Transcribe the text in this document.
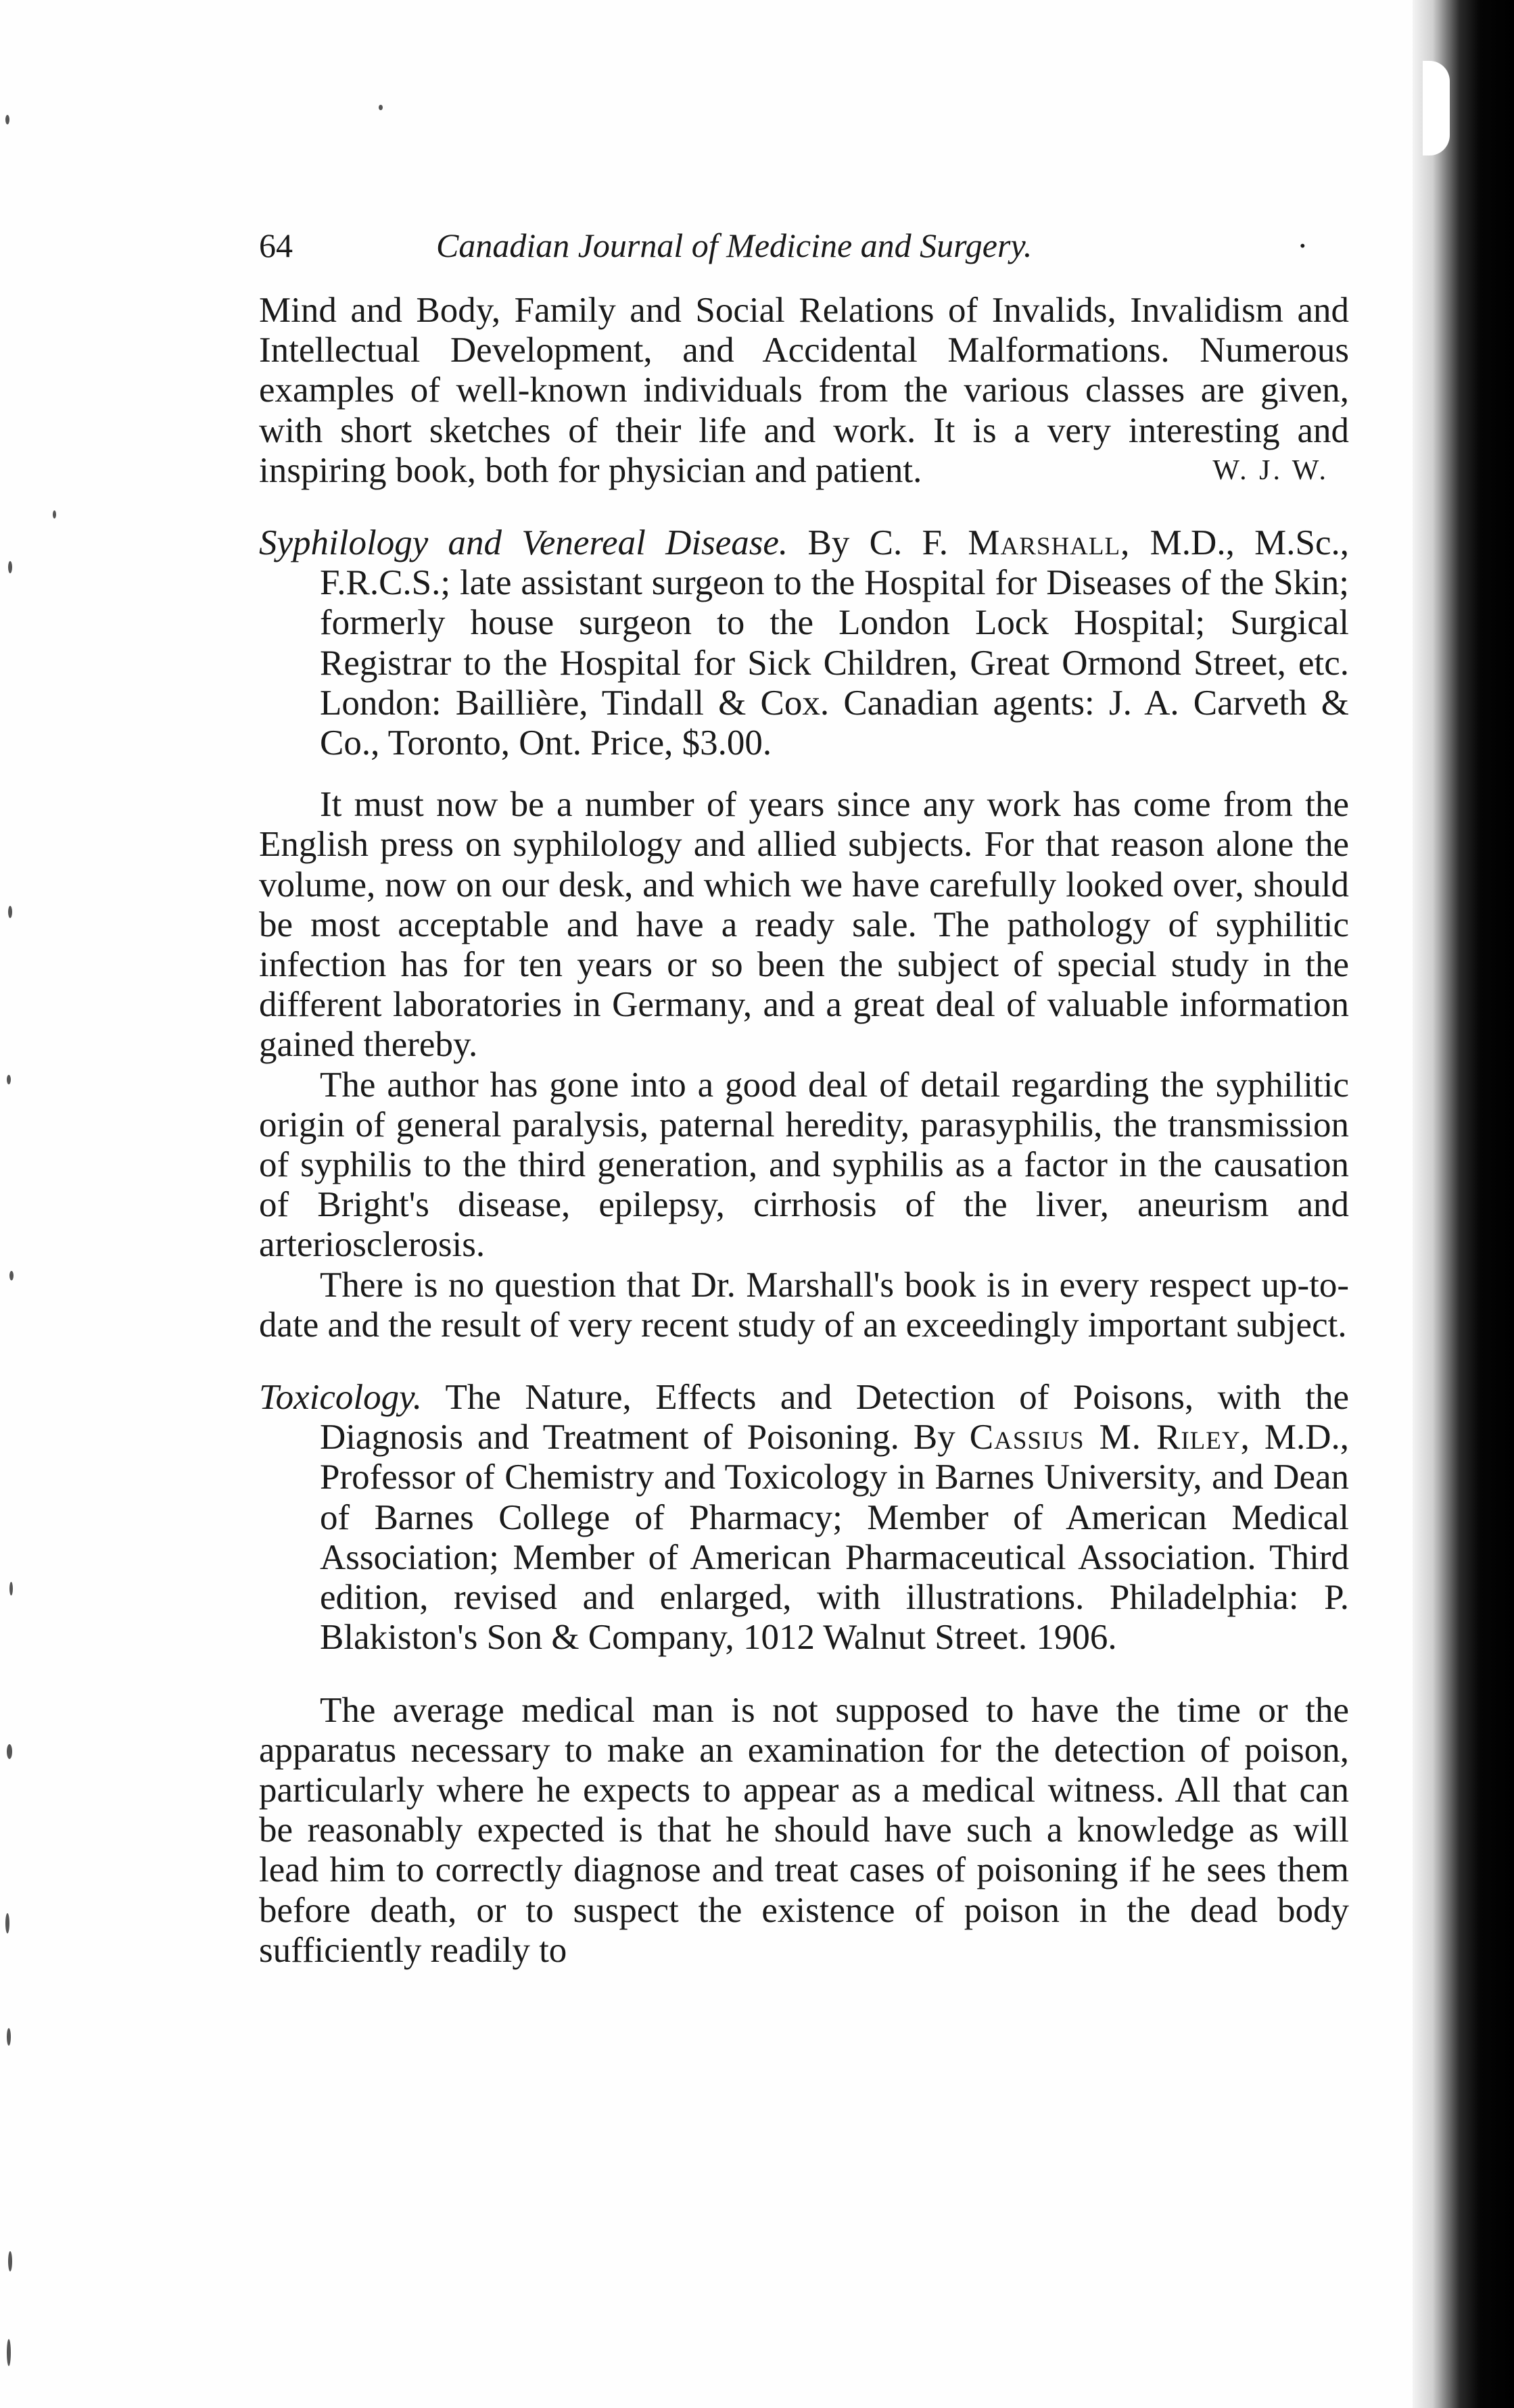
64	Canadian Journal of Medicine and Surgery.	·

Mind and Body, Family and Social Relations of Invalids, Invalidism and Intellectual Development, and Accidental Malformations. Numerous examples of well-known individuals from the various classes are given, with short sketches of their life and work. It is a very interesting and inspiring book, both for physician and patient.	W. J. W.

Syphilology and Venereal Disease. By C. F. Marshall, M.D., M.Sc., F.R.C.S.; late assistant surgeon to the Hospital for Diseases of the Skin; formerly house surgeon to the London Lock Hospital; Surgical Registrar to the Hospital for Sick Children, Great Ormond Street, etc. London: Baillière, Tindall & Cox. Canadian agents: J. A. Carveth & Co., Toronto, Ont. Price, $3.00.

It must now be a number of years since any work has come from the English press on syphilology and allied subjects. For that reason alone the volume, now on our desk, and which we have carefully looked over, should be most acceptable and have a ready sale. The pathology of syphilitic infection has for ten years or so been the subject of special study in the different laboratories in Germany, and a great deal of valuable information gained thereby.

The author has gone into a good deal of detail regarding the syphilitic origin of general paralysis, paternal heredity, parasyphilis, the transmission of syphilis to the third generation, and syphilis as a factor in the causation of Bright's disease, epilepsy, cirrhosis of the liver, aneurism and arteriosclerosis.

There is no question that Dr. Marshall's book is in every respect up-to-date and the result of very recent study of an exceedingly important subject.

Toxicology. The Nature, Effects and Detection of Poisons, with the Diagnosis and Treatment of Poisoning. By Cassius M. Riley, M.D., Professor of Chemistry and Toxicology in Barnes University, and Dean of Barnes College of Pharmacy; Member of American Medical Association; Member of American Pharmaceutical Association. Third edition, revised and enlarged, with illustrations. Philadelphia: P. Blakiston's Son & Company, 1012 Walnut Street. 1906.

The average medical man is not supposed to have the time or the apparatus necessary to make an examination for the detection of poison, particularly where he expects to appear as a medical witness. All that can be reasonably expected is that he should have such a knowledge as will lead him to correctly diagnose and treat cases of poisoning if he sees them before death, or to suspect the existence of poison in the dead body sufficiently readily to
